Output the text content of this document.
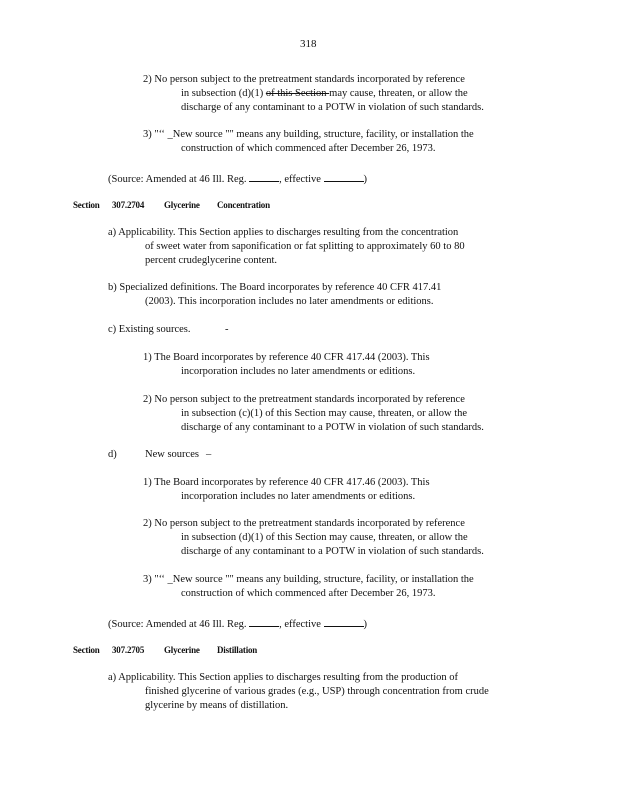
318
2) No person subject to the pretreatment standards incorporated by reference
in subsection (d)(1) of this Section may cause, threaten, or allow the
discharge of any contaminant to a POTW in violation of such standards.
3) "‘‘ _New source "" means any building, structure, facility, or installation the
construction of which commenced after December 26, 1973.
(Source: Amended at 46 Ill. Reg.	, effective	)
Section 307.2704 Glycerine Concentration
a) Applicability. This Section applies to discharges resulting from the concentration
of sweet water from saponification or fat splitting to approximately 60 to 80
percent crudeglycerine content.
b) Specialized definitions. The Board incorporates by reference 40 CFR 417.41
(2003). This incorporation includes no later amendments or editions.
c) Existing sources.	-
1) The Board incorporates by reference 40 CFR 417.44 (2003). This
incorporation includes no later amendments or editions.
2) No person subject to the pretreatment standards incorporated by reference
in subsection (c)(1) of this Section may cause, threaten, or allow the
discharge of any contaminant to a POTW in violation of such standards.
d)	New sources –
1) The Board incorporates by reference 40 CFR 417.46 (2003). This
incorporation includes no later amendments or editions.
2) No person subject to the pretreatment standards incorporated by reference
in subsection (d)(1) of this Section may cause, threaten, or allow the
discharge of any contaminant to a POTW in violation of such standards.
3) "‘‘ _New source "" means any building, structure, facility, or installation the
construction of which commenced after December 26, 1973.
(Source: Amended at 46 Ill. Reg.	, effective	)
Section 307.2705 Glycerine Distillation
a) Applicability. This Section applies to discharges resulting from the production of
finished glycerine of various grades (e.g., USP) through concentration from crude
glycerine by means of distillation.
